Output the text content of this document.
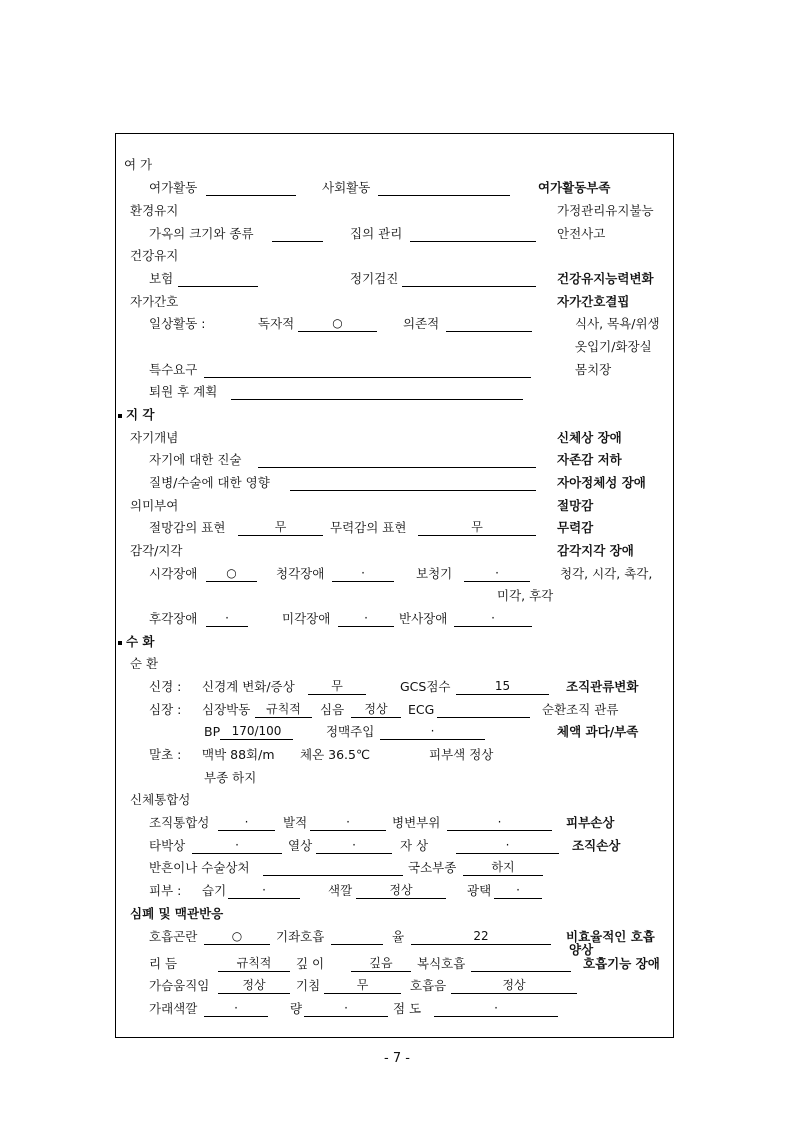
여 가
여가활동	사회활동	여가활동부족
환경유지	가정관리유지불능
가옥의 크기와 종류	집의 관리	안전사고
건강유지
보험	정기검진	건강유지능력변화
자가간호	자가간호결핍
일상활동 :	독자적	○	의존적	식사, 목욕/위생
옷입기/화장실
특수요구	몸치장
퇴원 후 계획
지 각
자기개념	신체상 장애
자기에 대한 진술	자존감 저하
질병/수술에 대한 영향	자아정체성 장애
의미부여	절망감
절망감의 표현	무	무력감의 표현	무	무력감
감각/지각	감각지각 장애
시각장애	○	청각장애	·	보청기	·	청각, 시각, 촉각,
미각, 후각
후각장애	·	미각장애	·	반사장애	·
수 화
순 환
신경 : 신경계 변화/증상	무	GCS점수	15	조직관류변화
심장 : 심장박동	규칙적	심음	정상	ECG	순환조직 관류
BP 170/100	정맥주입	·	체액 과다/부족
말초 : 맥박 88회/m 체온 36.5℃	피부색 정상
부종 하지
신체통합성
조직통합성	·	발적	·	병변부위	·	피부손상
타박상	·	열상	·	자 상	·	조직손상
반흔이나 수술상처	국소부종	하지
피부 : 습기	·	색깔	정상	광택	·
심폐 및 맥관반응
호흡곤란	○	기좌호흡	율	22	비효율적인 호흡
양상
리 듬	규칙적	깊 이	깊음	복식호흡	호흡기능 장애
가슴움직임	정상	기침	무	호흡음	정상
가래색깔	·	량	·	점 도	·
- 7 -
